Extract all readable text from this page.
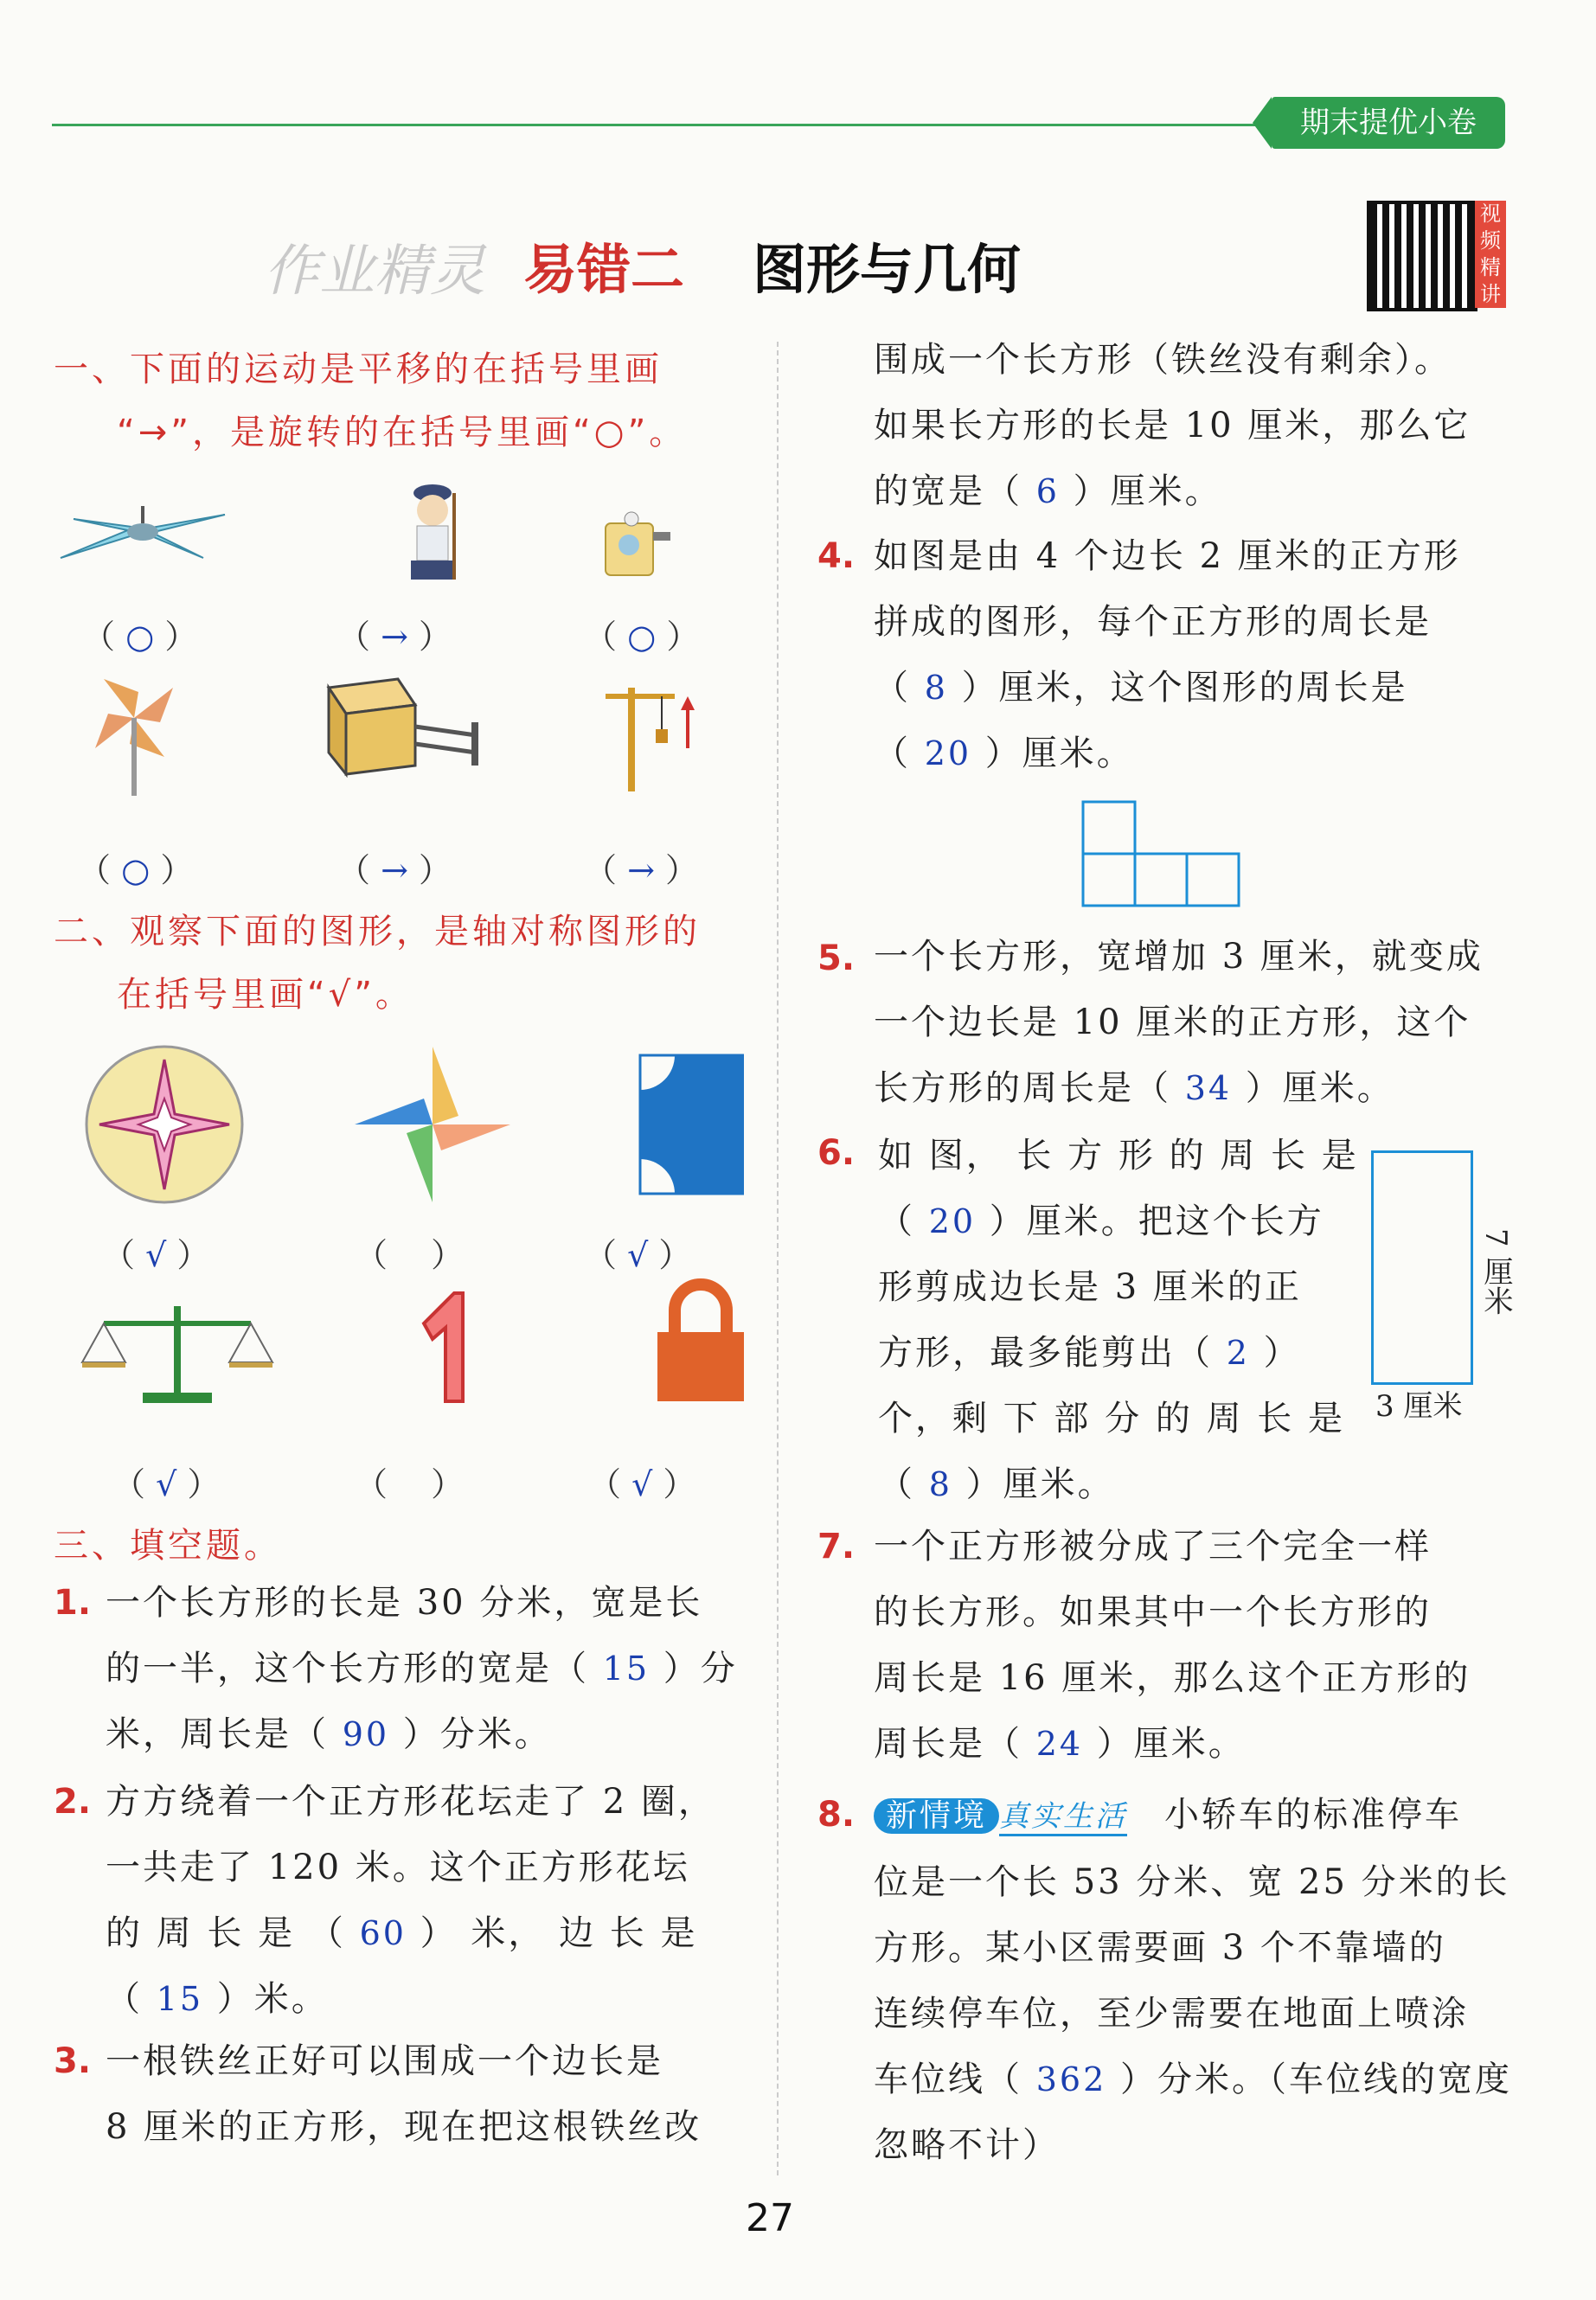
期末提优小卷
作业精灵 易错二 图形与几何
视频精讲
一、下面的运动是平移的在括号里画
“→”，是旋转的在括号里画“○”。
（ ○ ）	（ → ）	（ ○ ）
（ ○ ）	（ → ）	（ → ）
二、观察下面的图形，是轴对称图形的
在括号里画“√”。
（ √ ）	（ 　）	（ √ ）
（ √ ）	（ 　）	（ √ ）
三、填空题。
1. 一个长方形的长是 30 分米，宽是长
的一半，这个长方形的宽是（ 15 ）分
米，周长是（ 90 ）分米。
2. 方方绕着一个正方形花坛走了 2 圈，
一共走了 120 米。这个正方形花坛
的 周 长 是 （ 60 ） 米， 边 长 是
（ 15 ）米。
3. 一根铁丝正好可以围成一个边长是
8 厘米的正方形，现在把这根铁丝改
围成一个长方形（铁丝没有剩余）。
如果长方形的长是 10 厘米，那么它
的宽是（ 6 ）厘米。
4. 如图是由 4 个边长 2 厘米的正方形
拼成的图形，每个正方形的周长是
（ 8 ）厘米，这个图形的周长是
（ 20 ）厘米。
5. 一个长方形，宽增加 3 厘米，就变成
一个边长是 10 厘米的正方形，这个
长方形的周长是（ 34 ）厘米。
6. 如 图， 长 方 形 的 周 长 是
（ 20 ）厘米。把这个长方
形剪成边长是 3 厘米的正
方形，最多能剪出（ 2 ）
个，剩 下 部 分 的 周 长 是
（ 8 ）厘米。
7 厘米
3 厘米
7. 一个正方形被分成了三个完全一样
的长方形。如果其中一个长方形的
周长是 16 厘米，那么这个正方形的
周长是（ 24 ）厘米。
8. 新情境 真实生活　 小轿车的标准停车
位是一个长 53 分米、宽 25 分米的长
方形。某小区需要画 3 个不靠墙的
连续停车位，至少需要在地面上喷涂
车位线（ 362 ）分米。（车位线的宽度
忽略不计）
27
